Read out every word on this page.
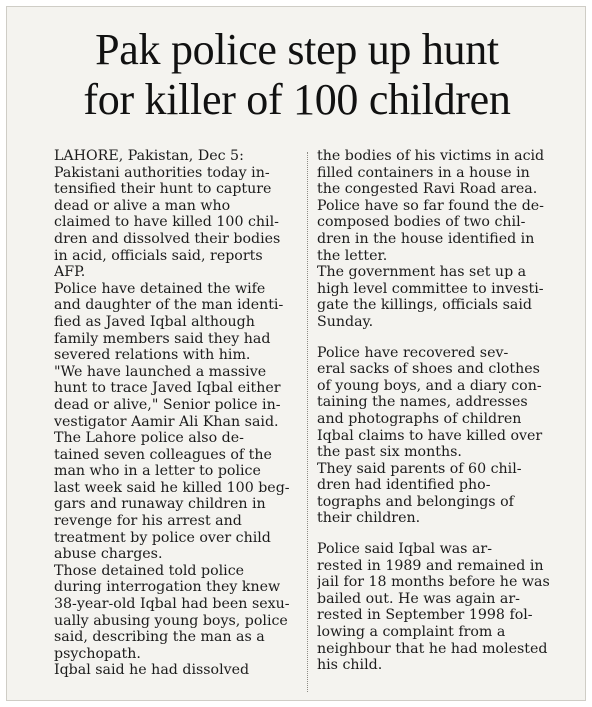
Pak police step up hunt
for killer of 100 children
LAHORE, Pakistan, Dec 5:
Pakistani authorities today in-
tensified their hunt to capture
dead or alive a man who
claimed to have killed 100 chil-
dren and dissolved their bodies
in acid, officials said, reports
AFP.
Police have detained the wife
and daughter of the man identi-
fied as Javed Iqbal although
family members said they had
severed relations with him.
"We have launched a massive
hunt to trace Javed Iqbal either
dead or alive," Senior police in-
vestigator Aamir Ali Khan said.
The Lahore police also de-
tained seven colleagues of the
man who in a letter to police
last week said he killed 100 beg-
gars and runaway children in
revenge for his arrest and
treatment by police over child
abuse charges.
Those detained told police
during interrogation they knew
38-year-old Iqbal had been sexu-
ually abusing young boys, police
said, describing the man as a
psychopath.
Iqbal said he had dissolved
the bodies of his victims in acid
filled containers in a house in
the congested Ravi Road area.
Police have so far found the de-
composed bodies of two chil-
dren in the house identified in
the letter.
The government has set up a
high level committee to investi-
gate the killings, officials said
Sunday.
Police have recovered sev-
eral sacks of shoes and clothes
of young boys, and a diary con-
taining the names, addresses
and photographs of children
Iqbal claims to have killed over
the past six months.
They said parents of 60 chil-
dren had identified pho-
tographs and belongings of
their children.
Police said Iqbal was ar-
rested in 1989 and remained in
jail for 18 months before he was
bailed out. He was again ar-
rested in September 1998 fol-
lowing a complaint from a
neighbour that he had molested
his child.
